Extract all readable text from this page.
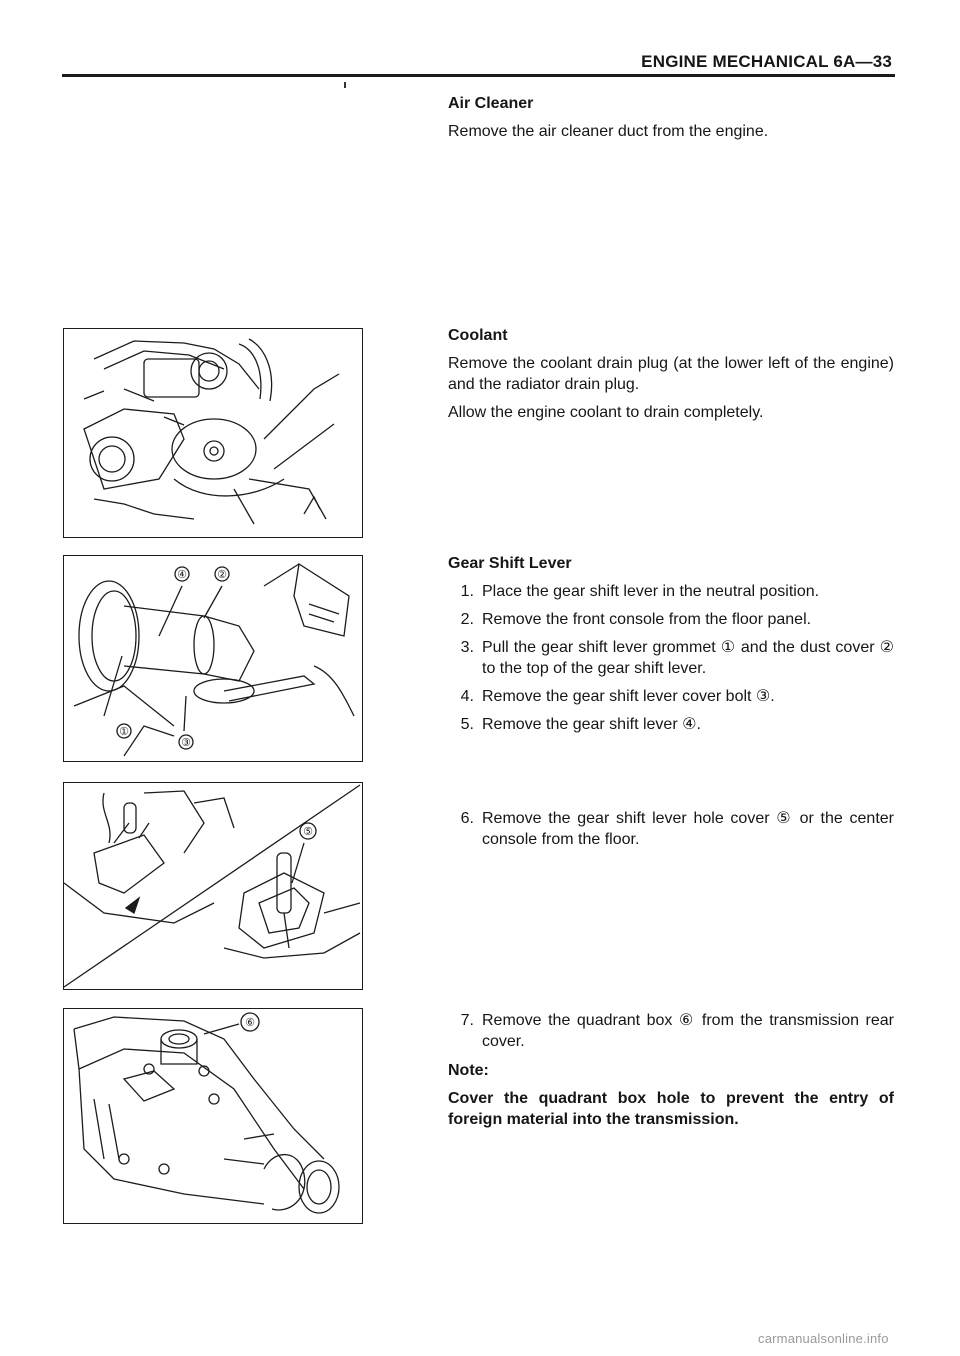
ENGINE MECHANICAL 6A—33
Air Cleaner
Remove the air cleaner duct from the engine.
Coolant
Remove the coolant drain plug (at the lower left of the engine) and the radiator drain plug.
Allow the engine coolant to drain completely.
Gear Shift Lever
1. Place the gear shift lever in the neutral position.
2. Remove the front console from the floor panel.
3. Pull the gear shift lever grommet ① and the dust cover ② to the top of the gear shift lever.
4. Remove the gear shift lever cover bolt ③.
5. Remove the gear shift lever ④.
6. Remove the gear shift lever hole cover ⑤ or the center console from the floor.
7. Remove the quadrant box ⑥ from the transmission rear cover.
Note:
Cover the quadrant box hole to prevent the entry of foreign material into the transmission.
④	②
①
③
⑤
⑥
carmanualsonline.info
